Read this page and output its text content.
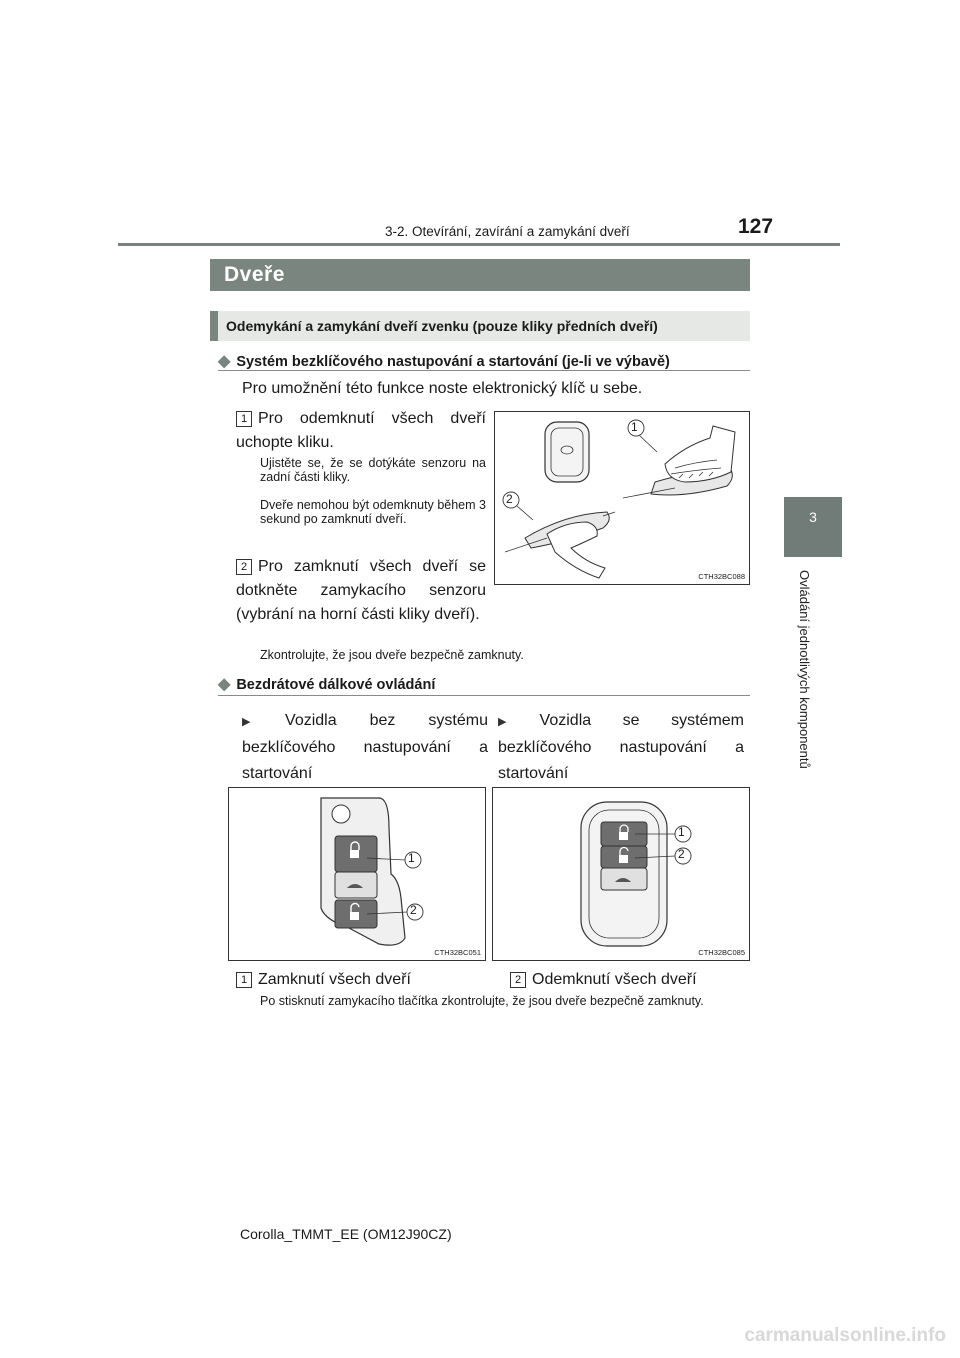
3-2. Otevírání, zavírání a zamykání dveří	127
3
Ovládání jednotlivých komponentů
Dveře
Odemykání a zamykání dveří zvenku (pouze kliky předních dveří)
◆ Systém bezklíčového nastupování a startování (je-li ve výbavě)
Pro umožnění této funkce noste elektronický klíč u sebe.
1 Pro odemknutí všech dveří uchopte kliku.
Ujistěte se, že se dotýkáte senzoru na zadní části kliky.
Dveře nemohou být odemknuty během 3 sekund po zamknutí dveří.
2 Pro zamknutí všech dveří se dotkněte zamykacího senzoru (vybrání na horní části kliky dveří).
Zkontrolujte, že jsou dveře bezpečně zamknuty.
1
2
CTH32BC088
◆ Bezdrátové dálkové ovládání
▶ Vozidla bez systému bezklíčového nastupování a startování
▶ Vozidla se systémem bezklíčového nastupování a startování
1
2
CTH32BC051
1
2
CTH32BC085
1 Zamknutí všech dveří	2 Odemknutí všech dveří
Po stisknutí zamykacího tlačítka zkontrolujte, že jsou dveře bezpečně zamknuty.
Corolla_TMMT_EE (OM12J90CZ)
carmanualsonline.info
